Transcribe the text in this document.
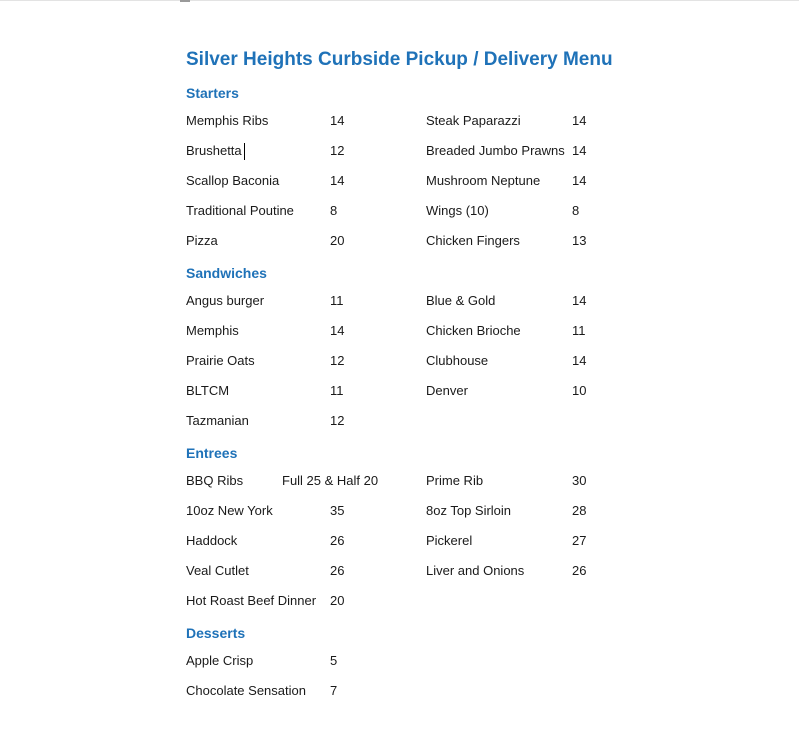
Silver Heights Curbside Pickup / Delivery Menu
Starters
Memphis Ribs	14	Steak Paparazzi	14
Brushetta	12	Breaded Jumbo Prawns 14
Scallop Baconia	14	Mushroom Neptune 14
Traditional Poutine	8	Wings (10)	8
Pizza	20	Chicken Fingers	13
Sandwiches
Angus burger	11	Blue & Gold	14
Memphis	14	Chicken Brioche	11
Prairie Oats	12	Clubhouse	14
BLTCM	11	Denver	10
Tazmanian	12
Entrees
BBQ Ribs	Full 25 & Half 20	Prime Rib	30
10oz New York	35	8oz Top Sirloin	28
Haddock	26	Pickerel	27
Veal Cutlet	26	Liver and Onions	26
Hot Roast Beef Dinner 20
Desserts
Apple Crisp	5
Chocolate Sensation 7
